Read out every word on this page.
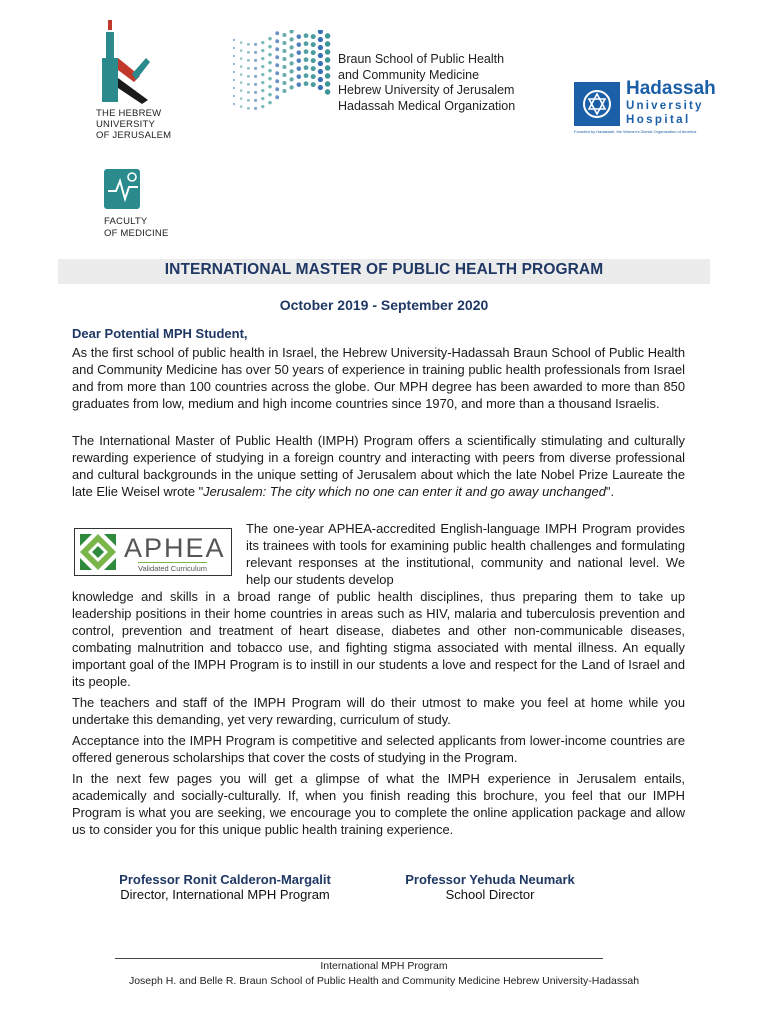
THE HEBREW
UNIVERSITY
OF JERUSALEM
Braun School of Public Health
and Community Medicine
Hebrew University of Jerusalem
Hadassah Medical Organization
Hadassah
University
Hospital
Founded by Hadassah, the Women's Zionist Organization of America
FACULTY
OF MEDICINE
INTERNATIONAL MASTER OF PUBLIC HEALTH PROGRAM
October 2019 - September 2020
Dear Potential MPH Student,
As the first school of public health in Israel, the Hebrew University-Hadassah Braun School of Public Health and Community Medicine has over 50 years of experience in training public health professionals from Israel and from more than 100 countries across the globe. Our MPH degree has been awarded to more than 850 graduates from low, medium and high income countries since 1970, and more than a thousand Israelis.
The International Master of Public Health (IMPH) Program offers a scientifically stimulating and culturally rewarding experience of studying in a foreign country and interacting with peers from diverse professional and cultural backgrounds in the unique setting of Jerusalem about which the late Nobel Prize Laureate the late Elie Weisel wrote "Jerusalem: The city which no one can enter it and go away unchanged".
APHEA
Validated Curriculum
The one-year APHEA-accredited English-language IMPH Program provides its trainees with tools for examining public health challenges and formulating relevant responses at the institutional, community and national level. We help our students develop
knowledge and skills in a broad range of public health disciplines, thus preparing them to take up leadership positions in their home countries in areas such as HIV, malaria and tuberculosis prevention and control, prevention and treatment of heart disease, diabetes and other non-communicable diseases, combating malnutrition and tobacco use, and fighting stigma associated with mental illness. An equally important goal of the IMPH Program is to instill in our students a love and respect for the Land of Israel and its people.
The teachers and staff of the IMPH Program will do their utmost to make you feel at home while you undertake this demanding, yet very rewarding, curriculum of study.
Acceptance into the IMPH Program is competitive and selected applicants from lower-income countries are offered generous scholarships that cover the costs of studying in the Program.
In the next few pages you will get a glimpse of what the IMPH experience in Jerusalem entails, academically and socially-culturally. If, when you finish reading this brochure, you feel that our IMPH Program is what you are seeking, we encourage you to complete the online application package and allow us to consider you for this unique public health training experience.
Professor Ronit Calderon-Margalit
Director, International MPH Program
Professor Yehuda Neumark
School Director
International MPH Program
Joseph H. and Belle R. Braun School of Public Health and Community Medicine Hebrew University-Hadassah
